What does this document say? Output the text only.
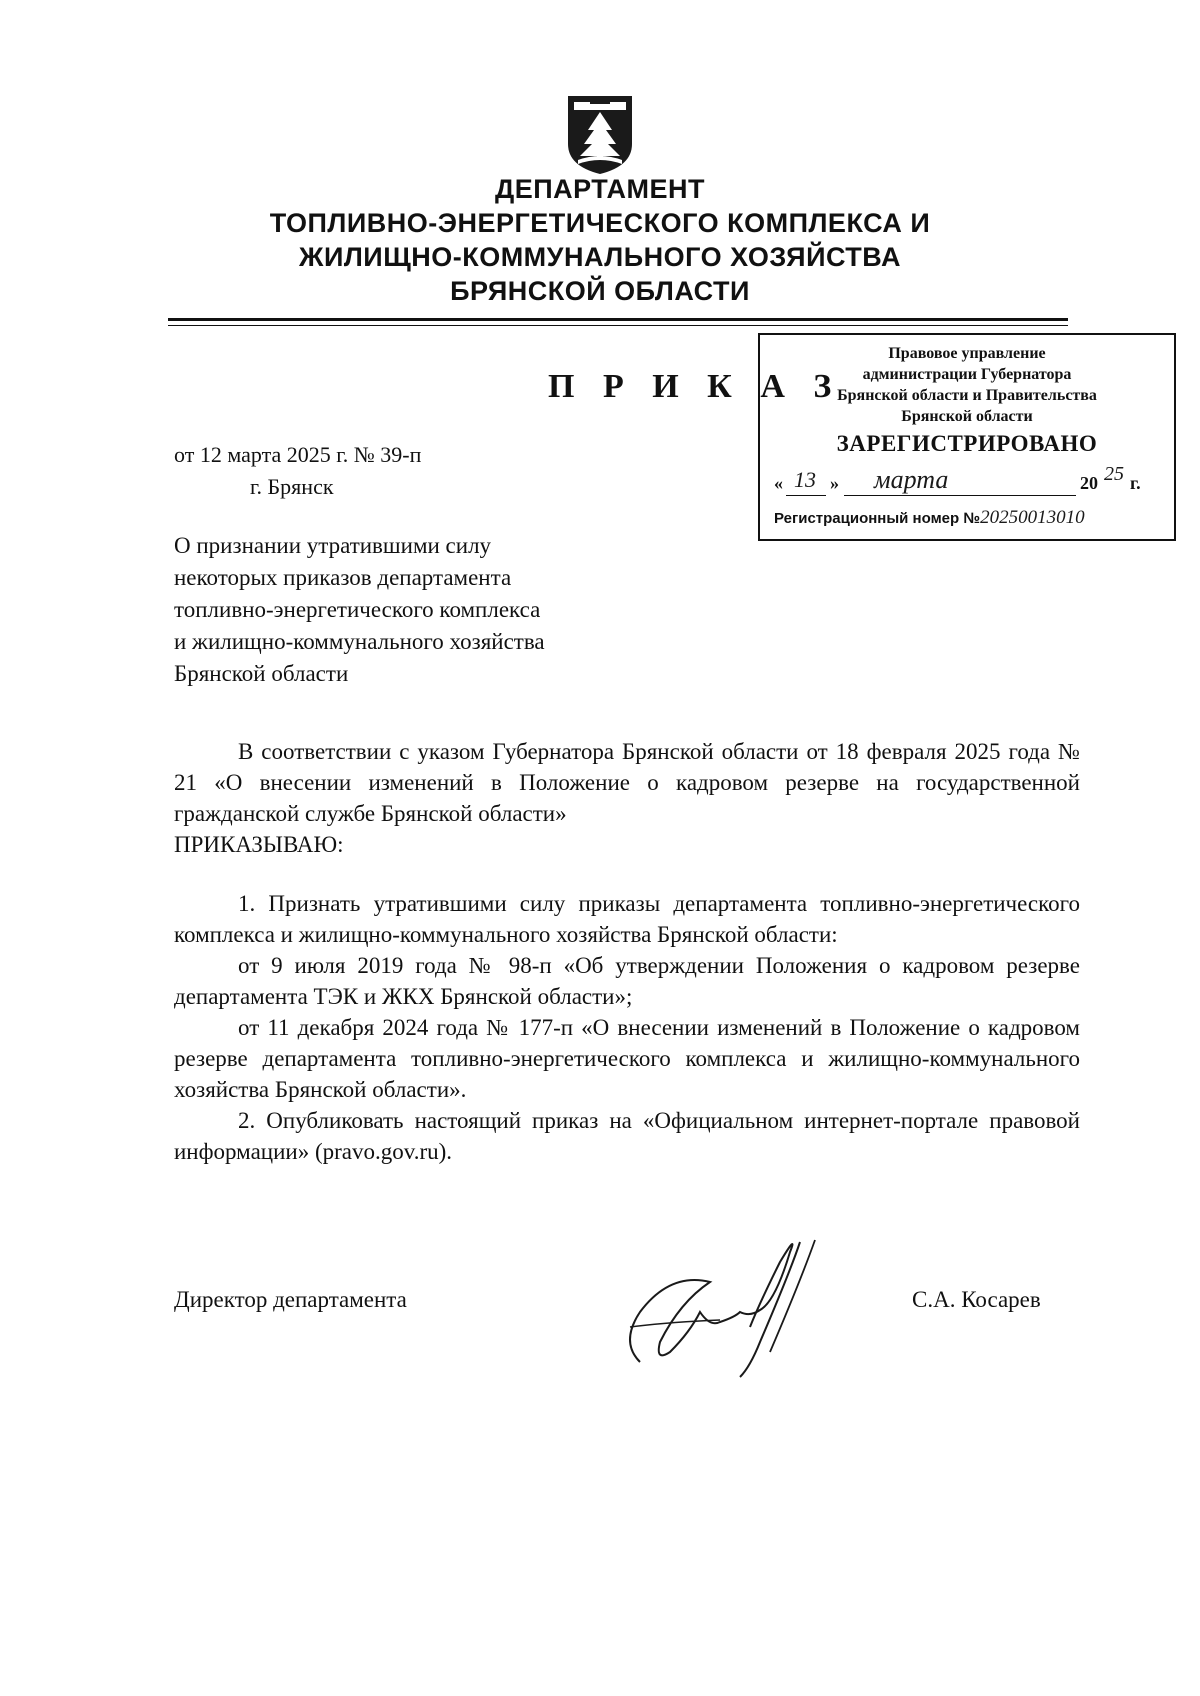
ДЕПАРТАМЕНТ
ТОПЛИВНО-ЭНЕРГЕТИЧЕСКОГО КОМПЛЕКСА И
ЖИЛИЩНО-КОММУНАЛЬНОГО ХОЗЯЙСТВА
БРЯНСКОЙ ОБЛАСТИ
П Р И К А З
Правовое управление
администрации Губернатора
Брянской области и Правительства
Брянской области
ЗАРЕГИСТРИРОВАНО
« 13 » марта	20 25 г.
Регистрационный номер №20250013010
от 12 марта 2025 г. № 39-п
г. Брянск
О признании утратившими силу
некоторых приказов департамента
топливно-энергетического комплекса
и жилищно-коммунального хозяйства
Брянской области

В соответствии с указом Губернатора Брянской области от 18 февраля 2025 года № 21 «О внесении изменений в Положение о кадровом резерве на государственной гражданской службе Брянской области»

ПРИКАЗЫВАЮ:

1. Признать утратившими силу приказы департамента топливно-энергетического комплекса и жилищно-коммунального хозяйства Брянской области:

от 9 июля 2019 года № 98-п «Об утверждении Положения о кадровом резерве департамента ТЭК и ЖКХ Брянской области»;

от 11 декабря 2024 года № 177-п «О внесении изменений в Положение о кадровом резерве департамента топливно-энергетического комплекса и жилищно-коммунального хозяйства Брянской области».

2. Опубликовать настоящий приказ на «Официальном интернет-портале правовой информации» (pravo.gov.ru).

Директор департамента	С.А. Косарев
